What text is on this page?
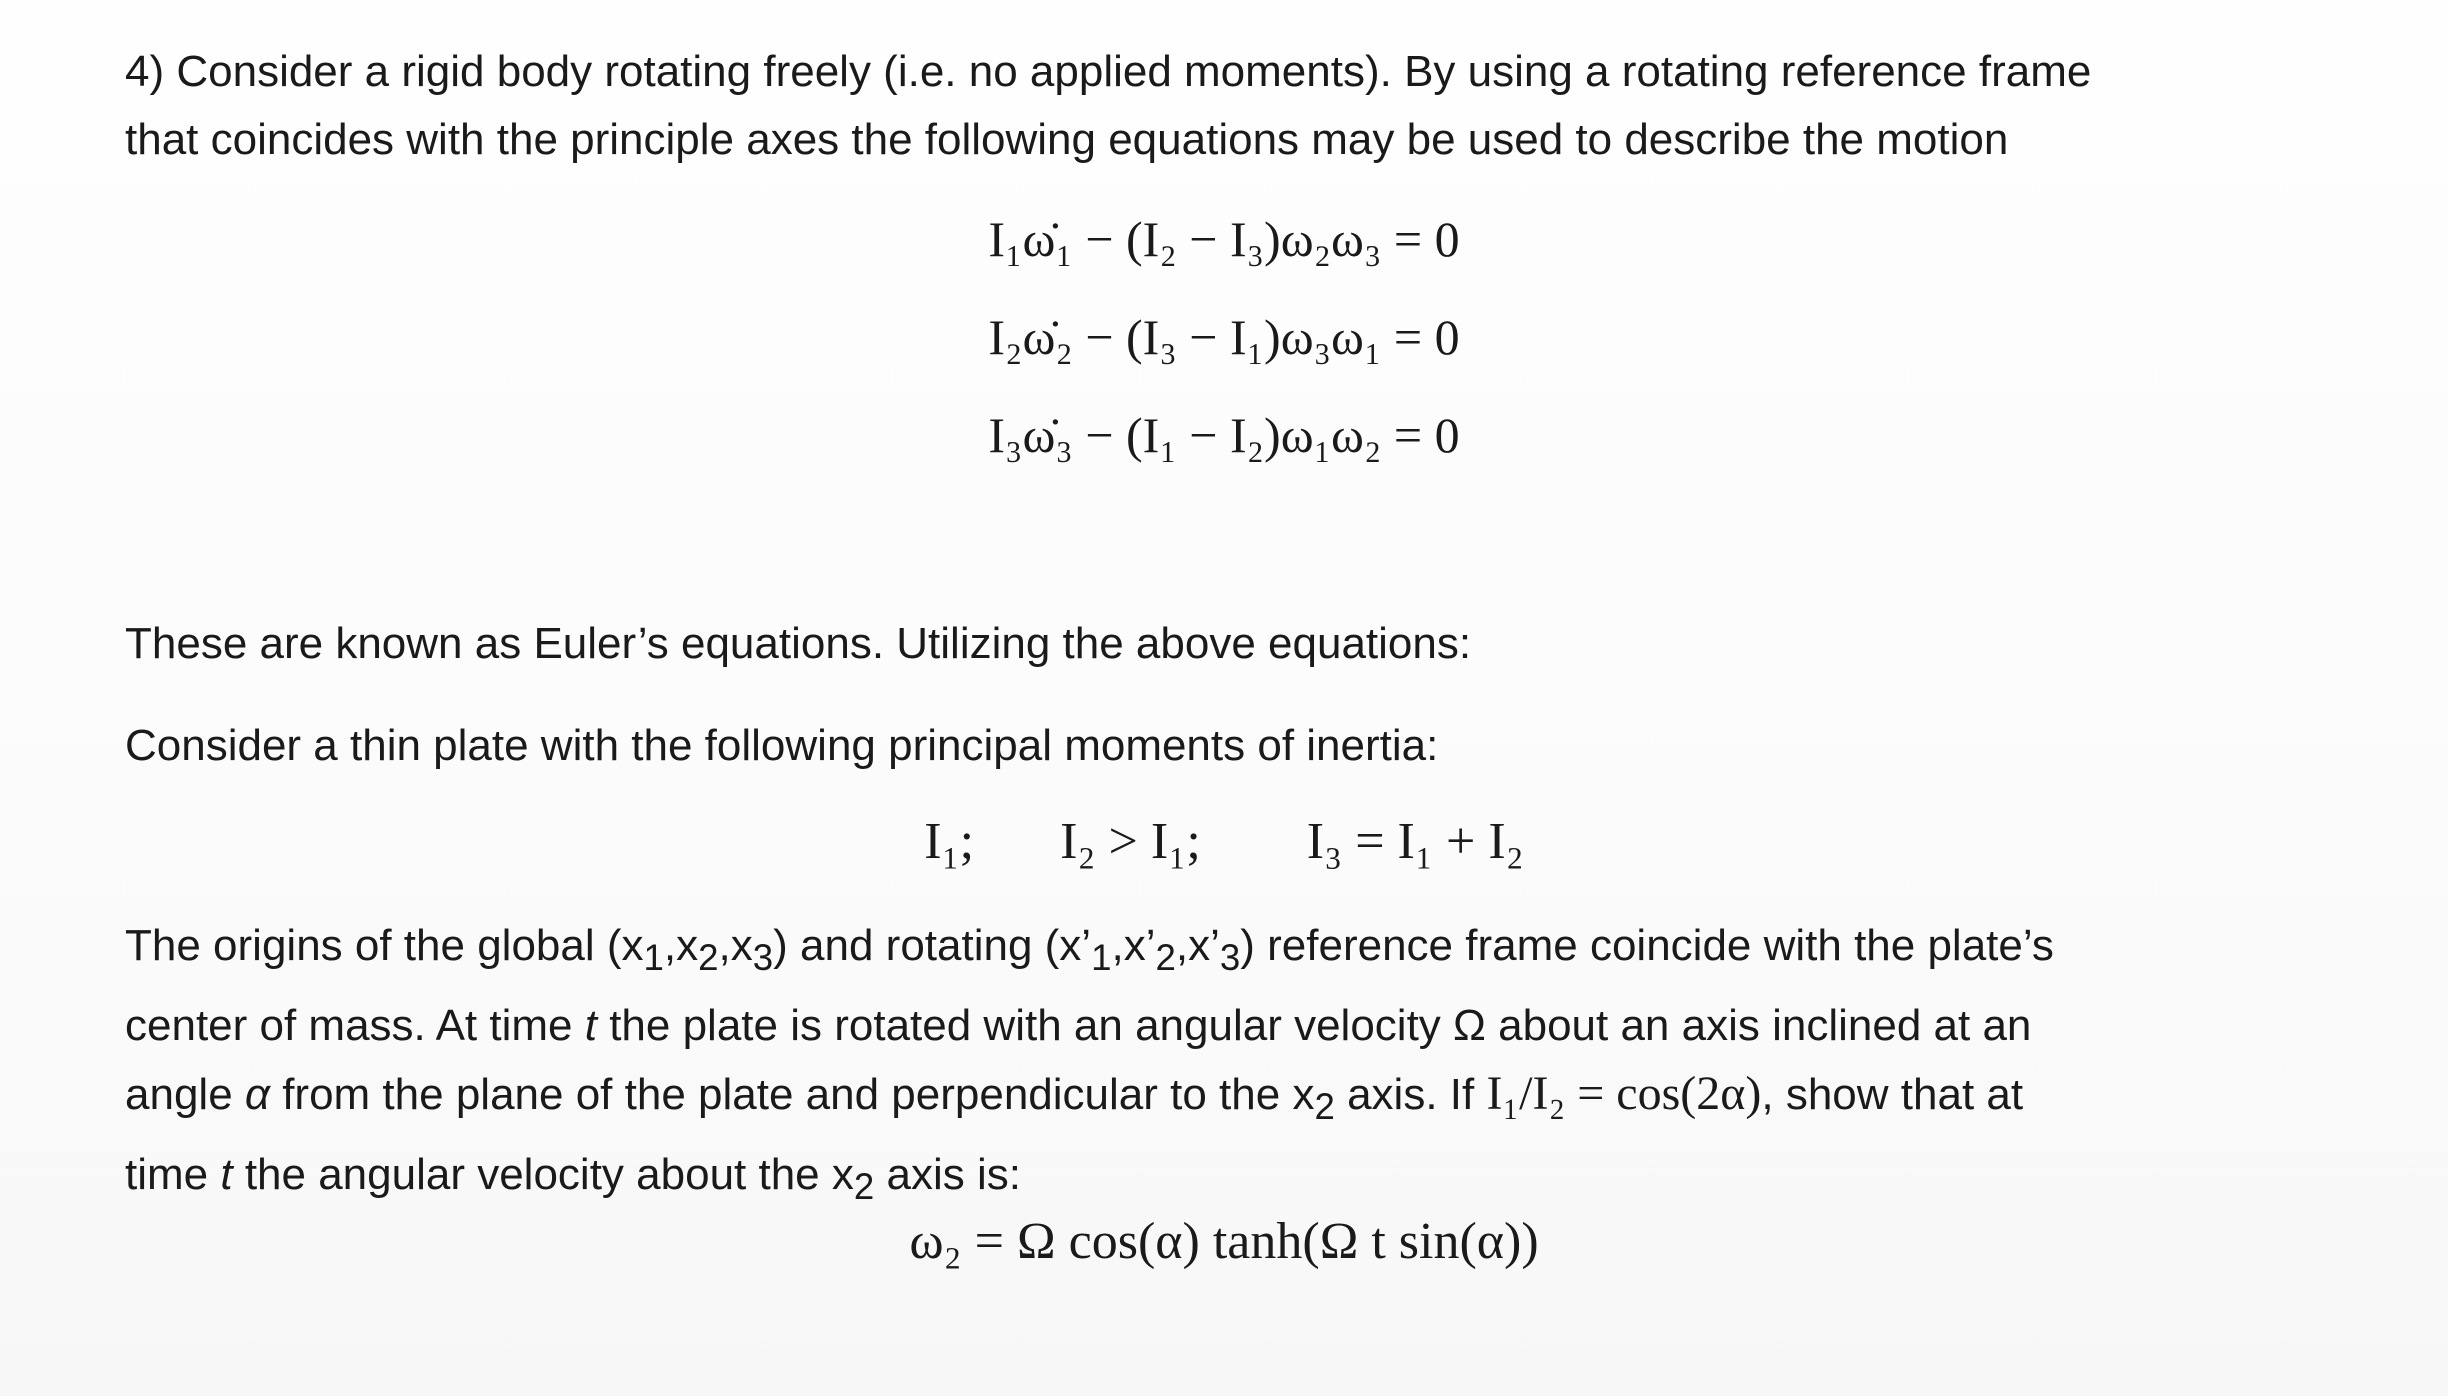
4) Consider a rigid body rotating freely (i.e. no applied moments). By using a rotating reference frame
that coincides with the principle axes the following equations may be used to describe the motion

I₁ω̇₁ − (I₂ − I₃)ω₂ω₃ = 0
I₂ω̇₂ − (I₃ − I₁)ω₃ω₁ = 0
I₃ω̇₃ − (I₁ − I₂)ω₁ω₂ = 0

These are known as Euler’s equations. Utilizing the above equations:

Consider a thin plate with the following principal moments of inertia:

I₁; I₂ > I₁; I₃ = I₁ + I₂

The origins of the global $(x_1,x_2,x_3)$ and rotating $(x’_1,x’_2,x’_3)$ reference frame coincide with the plate’s
center of mass. At time t the plate is rotated with an angular velocity Ω about an axis inclined at an
angle α from the plane of the plate and perpendicular to the $x_2$ axis. If I₁/I₂ = cos(2α), show that at
time t the angular velocity about the $x_2$ axis is:

ω₂ = Ω cos(α) tanh(Ω t sin(α))
